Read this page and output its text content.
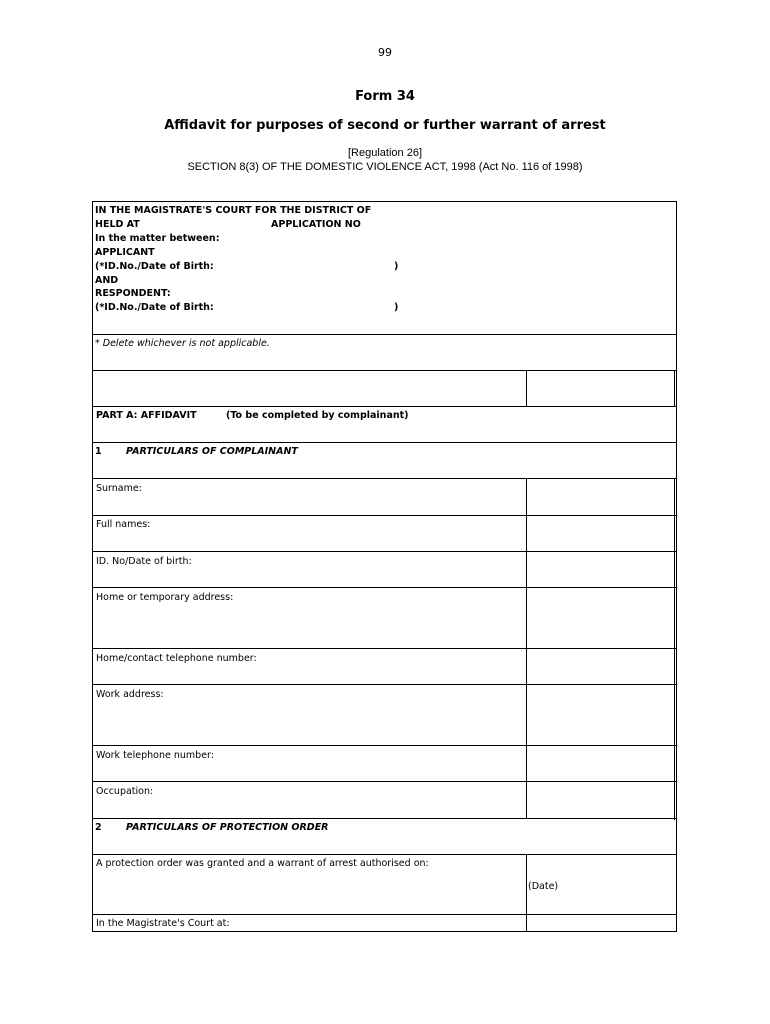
99
Form 34
Affidavit for purposes of second or further warrant of arrest
[Regulation 26]
SECTION 8(3) OF THE DOMESTIC VIOLENCE ACT, 1998 (Act No. 116 of 1998)
IN THE MAGISTRATE'S COURT FOR THE DISTRICT OF
HELD AT	APPLICATION NO
In the matter between:
APPLICANT
(*ID.No./Date of Birth:	)
AND
RESPONDENT:
(*ID.No./Date of Birth:	)
* Delete whichever is not applicable.
PART A: AFFIDAVIT	(To be completed by complainant)
1	PARTICULARS OF COMPLAINANT
Surname:
Full names:
ID. No/Date of birth:
Home or temporary address:
Home/contact telephone number:
Work address:
Work telephone number:
Occupation:
2	PARTICULARS OF PROTECTION ORDER
A protection order was granted and a warrant of arrest authorised on:
(Date)
In the Magistrate's Court at:
